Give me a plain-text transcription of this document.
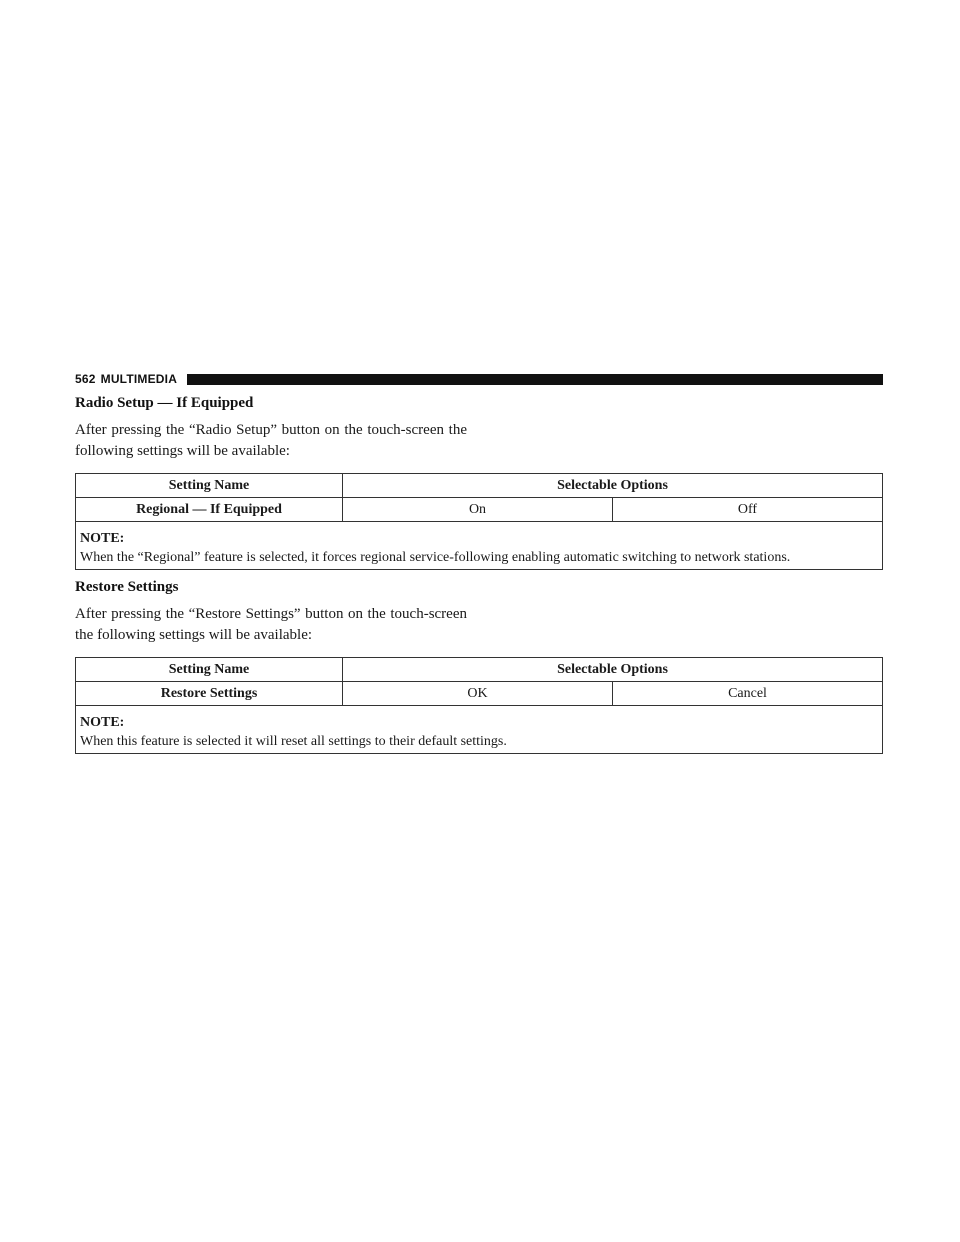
562 MULTIMEDIA
Radio Setup — If Equipped

After pressing the “Radio Setup” button on the touch-screen the following settings will be available:

Setting Name	Selectable Options	
Regional — If Equipped	On	Off

NOTE:
When the “Regional” feature is selected, it forces regional service-following enabling automatic switching to network stations.		
Restore Settings

After pressing the “Restore Settings” button on the touch-screen the following settings will be available:

Setting Name	Selectable Options	
Restore Settings	OK	Cancel

NOTE:
When this feature is selected it will reset all settings to their default settings.		
